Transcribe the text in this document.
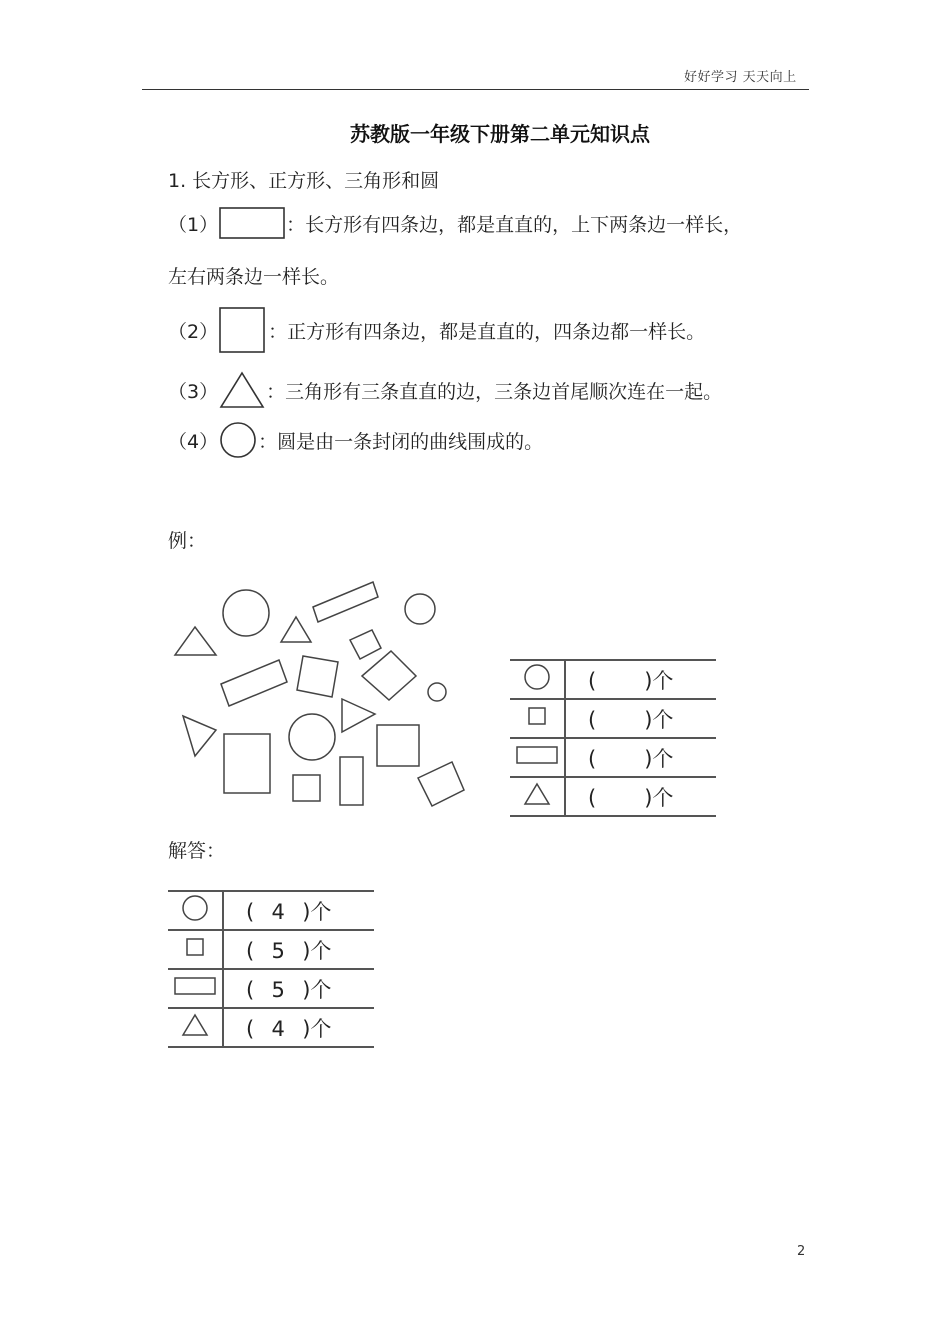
好好学习 天天向上
苏教版一年级下册第二单元知识点
1. 长方形、正方形、三角形和圆
（1）	：长方形有四条边，都是直直的，上下两条边一样长，
左右两条边一样长。
（2）	：正方形有四条边，都是直直的，四条边都一样长。
（3）	：三角形有三条直直的边，三条边首尾顺次连在一起。
（4） ：圆是由一条封闭的曲线围成的。
例：
	( )个
	( )个
	( )个
	( )个
解答：
	( 4 )个
	( 5 )个
	( 5 )个
	( 4 )个
2
